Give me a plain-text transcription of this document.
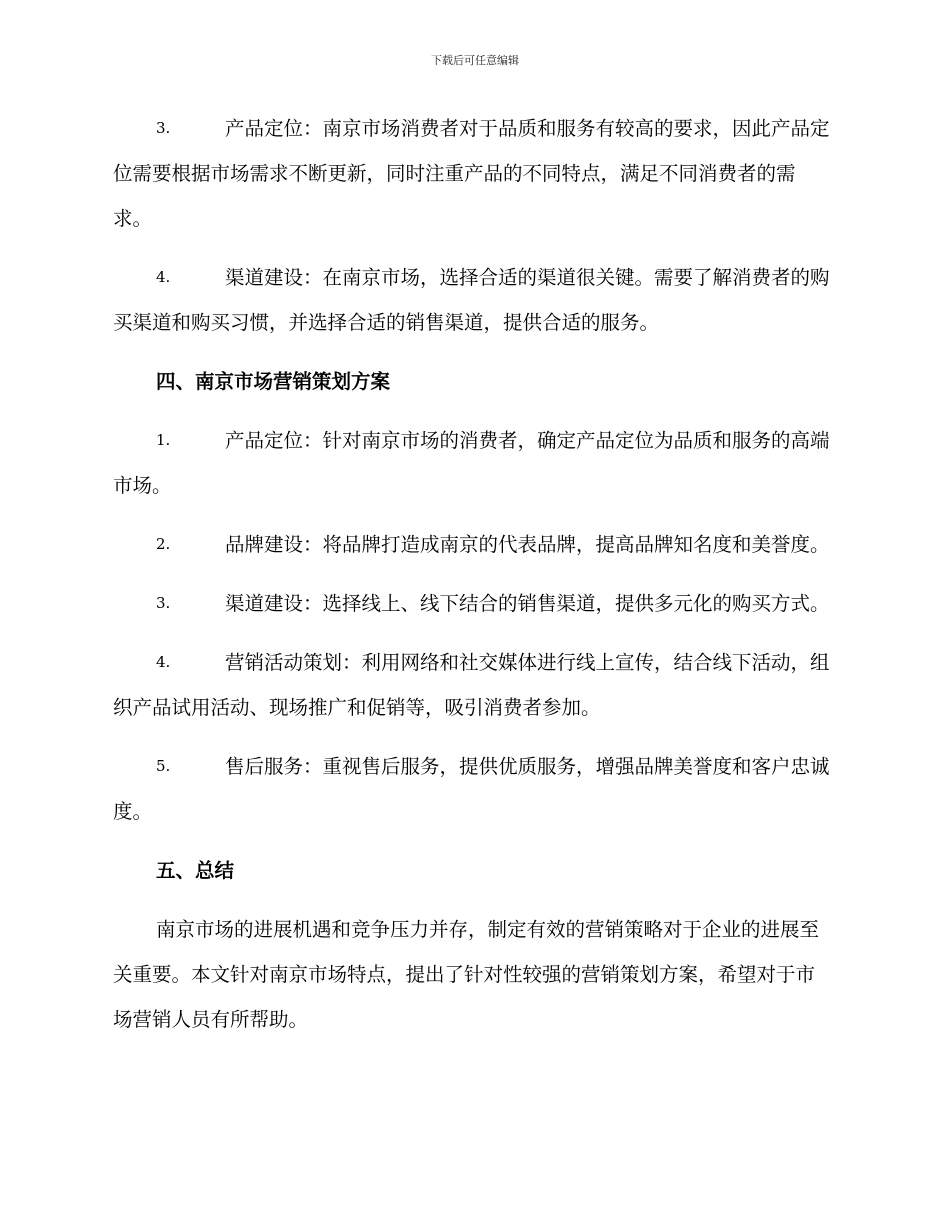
下载后可任意编辑
3.	产品定位：南京市场消费者对于品质和服务有较高的要求，因此产品定位需要根据市场需求不断更新，同时注重产品的不同特点，满足不同消费者的需求。
4.	渠道建设：在南京市场，选择合适的渠道很关键。需要了解消费者的购买渠道和购买习惯，并选择合适的销售渠道，提供合适的服务。
四、南京市场营销策划方案
1.	产品定位：针对南京市场的消费者，确定产品定位为品质和服务的高端市场。
2.	品牌建设：将品牌打造成南京的代表品牌，提高品牌知名度和美誉度。
3.	渠道建设：选择线上、线下结合的销售渠道，提供多元化的购买方式。
4.	营销活动策划：利用网络和社交媒体进行线上宣传，结合线下活动，组织产品试用活动、现场推广和促销等，吸引消费者参加。
5.	售后服务：重视售后服务，提供优质服务，增强品牌美誉度和客户忠诚度。
五、总结
南京市场的进展机遇和竞争压力并存，制定有效的营销策略对于企业的进展至关重要。本文针对南京市场特点，提出了针对性较强的营销策划方案，希望对于市场营销人员有所帮助。
